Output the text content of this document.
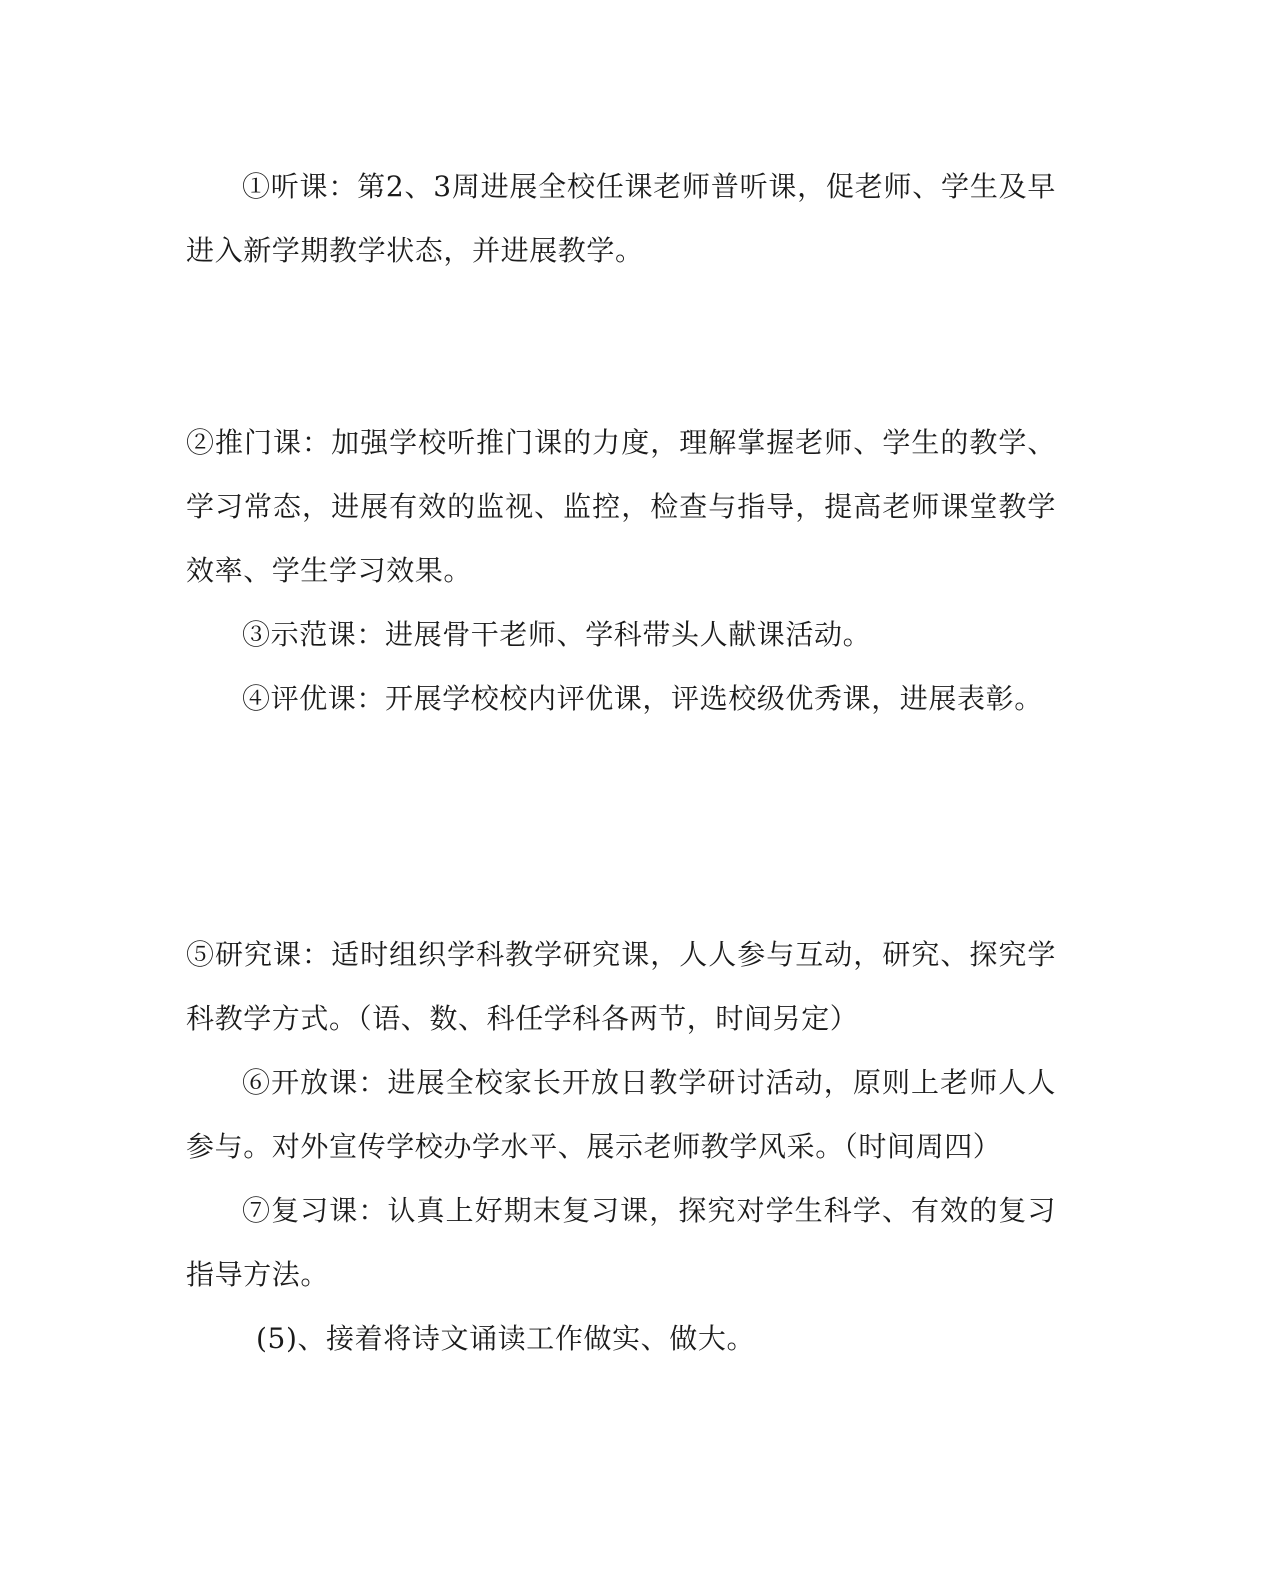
①听课：第2、3周进展全校任课老师普听课，促老师、学生及早进入新学期教学状态，并进展教学。

②推门课：加强学校听推门课的力度，理解掌握老师、学生的教学、学习常态，进展有效的监视、监控，检查与指导，提高老师课堂教学效率、学生学习效果。

③示范课：进展骨干老师、学科带头人献课活动。

④评优课：开展学校校内评优课，评选校级优秀课，进展表彰。

⑤研究课：适时组织学科教学研究课，人人参与互动，研究、探究学科教学方式。（语、数、科任学科各两节，时间另定）

⑥开放课：进展全校家长开放日教学研讨活动，原则上老师人人参与。对外宣传学校办学水平、展示老师教学风采。（时间周四）

⑦复习课：认真上好期末复习课，探究对学生科学、有效的复习指导方法。

(5)、接着将诗文诵读工作做实、做大。
